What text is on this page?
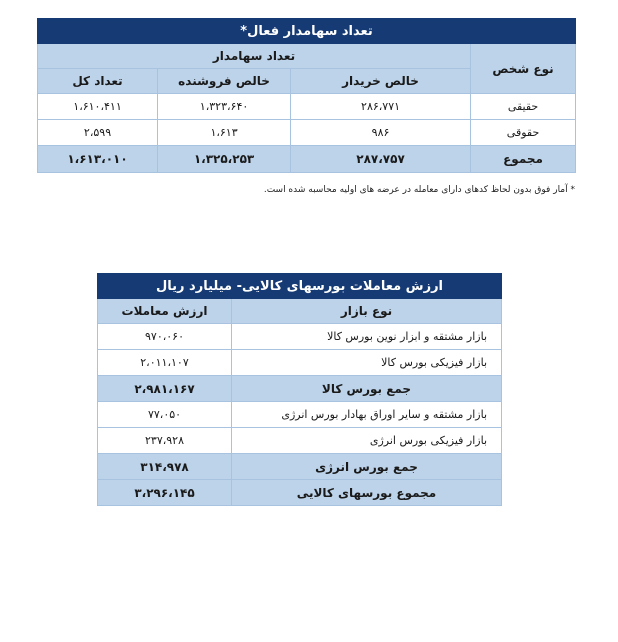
تعداد سهامدار فعال*			
نوع شخص	تعداد سهامدار		
	خالص خریدار	خالص فروشنده	تعداد کل
حقیقی	۲۸۶،۷۷۱	۱،۳۲۳،۶۴۰	۱،۶۱۰،۴۱۱
حقوقی	۹۸۶	۱،۶۱۳	۲،۵۹۹
مجموع	۲۸۷،۷۵۷	۱،۳۲۵،۲۵۳	۱،۶۱۳،۰۱۰
* آمار فوق بدون لحاظ کدهای دارای معامله در عرضه های اولیه محاسبه شده است.
ارزش معاملات بورسهای کالایی- میلیارد ریال	
نوع بازار	ارزش معاملات
بازار مشتقه و ابزار نوین بورس کالا	۹۷۰،۰۶۰
بازار فیزیکی بورس کالا	۲،۰۱۱،۱۰۷
جمع بورس کالا	۲،۹۸۱،۱۶۷
بازار مشتقه و سایر اوراق بهادار بورس انرژی	۷۷،۰۵۰
بازار فیزیکی بورس انرژی	۲۳۷،۹۲۸
جمع بورس انرژی	۳۱۴،۹۷۸
مجموع بورسهای کالایی	۳،۲۹۶،۱۴۵
